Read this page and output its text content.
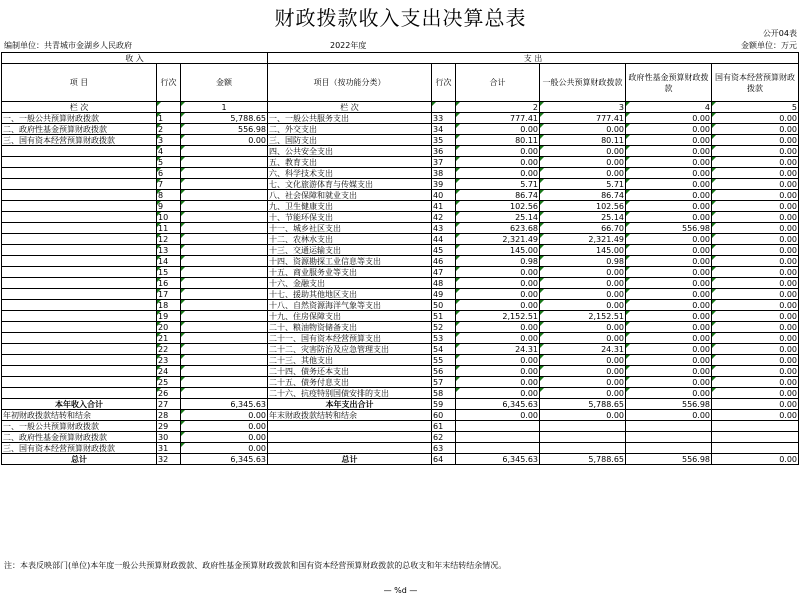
财政拨款收入支出决算总表
公开04表
编制单位：共青城市金湖乡人民政府	2022年度	金额单位：万元
收 入			支 出					
项 目	行次	金额	项目（按功能分类）	行次	合计	一般公共预算财政拨款	政府性基金预算财政拨款	国有资本经营预算财政拨款
栏 次		1	栏 次		2	3	4	5
一、一般公共预算财政拨款	1	5,788.65	一、一般公共服务支出	33	777.41	777.41	0.00	0.00
二、政府性基金预算财政拨款	2	556.98	二、外交支出	34	0.00	0.00	0.00	0.00
三、国有资本经营预算财政拨款	3	0.00	三、国防支出	35	80.11	80.11	0.00	0.00
	4		四、公共安全支出	36	0.00	0.00	0.00	0.00
	5		五、教育支出	37	0.00	0.00	0.00	0.00
	6		六、科学技术支出	38	0.00	0.00	0.00	0.00
	7		七、文化旅游体育与传媒支出	39	5.71	5.71	0.00	0.00
	8		八、社会保障和就业支出	40	86.74	86.74	0.00	0.00
	9		九、卫生健康支出	41	102.56	102.56	0.00	0.00
	10		十、节能环保支出	42	25.14	25.14	0.00	0.00
	11		十一、城乡社区支出	43	623.68	66.70	556.98	0.00
	12		十二、农林水支出	44	2,321.49	2,321.49	0.00	0.00
	13		十三、交通运输支出	45	145.00	145.00	0.00	0.00
	14		十四、资源勘探工业信息等支出	46	0.98	0.98	0.00	0.00
	15		十五、商业服务业等支出	47	0.00	0.00	0.00	0.00
	16		十六、金融支出	48	0.00	0.00	0.00	0.00
	17		十七、援助其他地区支出	49	0.00	0.00	0.00	0.00
	18		十八、自然资源海洋气象等支出	50	0.00	0.00	0.00	0.00
	19		十九、住房保障支出	51	2,152.51	2,152.51	0.00	0.00
	20		二十、粮油物资储备支出	52	0.00	0.00	0.00	0.00
	21		二十一、国有资本经营预算支出	53	0.00	0.00	0.00	0.00
	22		二十二、灾害防治及应急管理支出	54	24.31	24.31	0.00	0.00
	23		二十三、其他支出	55	0.00	0.00	0.00	0.00
	24		二十四、债务还本支出	56	0.00	0.00	0.00	0.00
	25		二十五、债务付息支出	57	0.00	0.00	0.00	0.00
	26		二十六、抗疫特别国债安排的支出	58	0.00	0.00	0.00	0.00
本年收入合计	27	6,345.63	本年支出合计	59	6,345.63	5,788.65	556.98	0.00
年初财政拨款结转和结余	28	0.00	年末财政拨款结转和结余	60	0.00	0.00	0.00	0.00
一、一般公共预算财政拨款	29	0.00		61				
二、政府性基金预算财政拨款	30	0.00		62				
三、国有资本经营预算财政拨款	31	0.00		63				
总计	32	6,345.63	总计	64	6,345.63	5,788.65	556.98	0.00
注：本表反映部门(单位)本年度一般公共预算财政拨款、政府性基金预算财政拨款和国有资本经营预算财政拨款的总收支和年末结转结余情况。
— %d —
